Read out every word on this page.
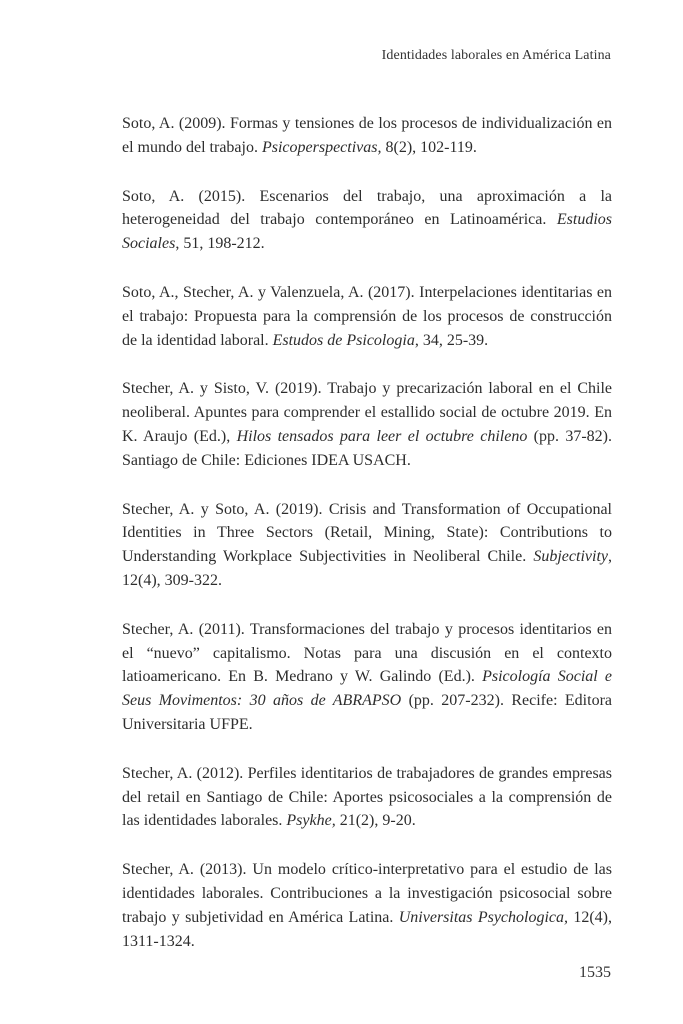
Identidades laborales en América Latina

Soto, A. (2009). Formas y tensiones de los procesos de individualización en el mundo del trabajo. Psicoperspectivas, 8(2), 102-119.

Soto, A. (2015). Escenarios del trabajo, una aproximación a la heterogeneidad del trabajo contemporáneo en Latinoamérica. Estudios Sociales, 51, 198-212.

Soto, A., Stecher, A. y Valenzuela, A. (2017). Interpelaciones identitarias en el trabajo: Propuesta para la comprensión de los procesos de construcción de la identidad laboral. Estudos de Psicologia, 34, 25-39.

Stecher, A. y Sisto, V. (2019). Trabajo y precarización laboral en el Chile neoliberal. Apuntes para comprender el estallido social de octubre 2019. En K. Araujo (Ed.), Hilos tensados para leer el octubre chileno (pp. 37-82). Santiago de Chile: Ediciones IDEA USACH.

Stecher, A. y Soto, A. (2019). Crisis and Transformation of Occupational Identities in Three Sectors (Retail, Mining, State): Contributions to Understanding Workplace Subjectivities in Neoliberal Chile. Subjectivity, 12(4), 309-322.

Stecher, A. (2011). Transformaciones del trabajo y procesos identitarios en el “nuevo” capitalismo. Notas para una discusión en el contexto latioamericano. En B. Medrano y W. Galindo (Ed.). Psicología Social e Seus Movimentos: 30 años de ABRAPSO (pp. 207-232). Recife: Editora Universitaria UFPE.

Stecher, A. (2012). Perfiles identitarios de trabajadores de grandes empresas del retail en Santiago de Chile: Aportes psicosociales a la comprensión de las identidades laborales. Psykhe, 21(2), 9-20.

Stecher, A. (2013). Un modelo crítico-interpretativo para el estudio de las identidades laborales. Contribuciones a la investigación psicosocial sobre trabajo y subjetividad en América Latina. Universitas Psychologica, 12(4), 1311-1324.

1535
